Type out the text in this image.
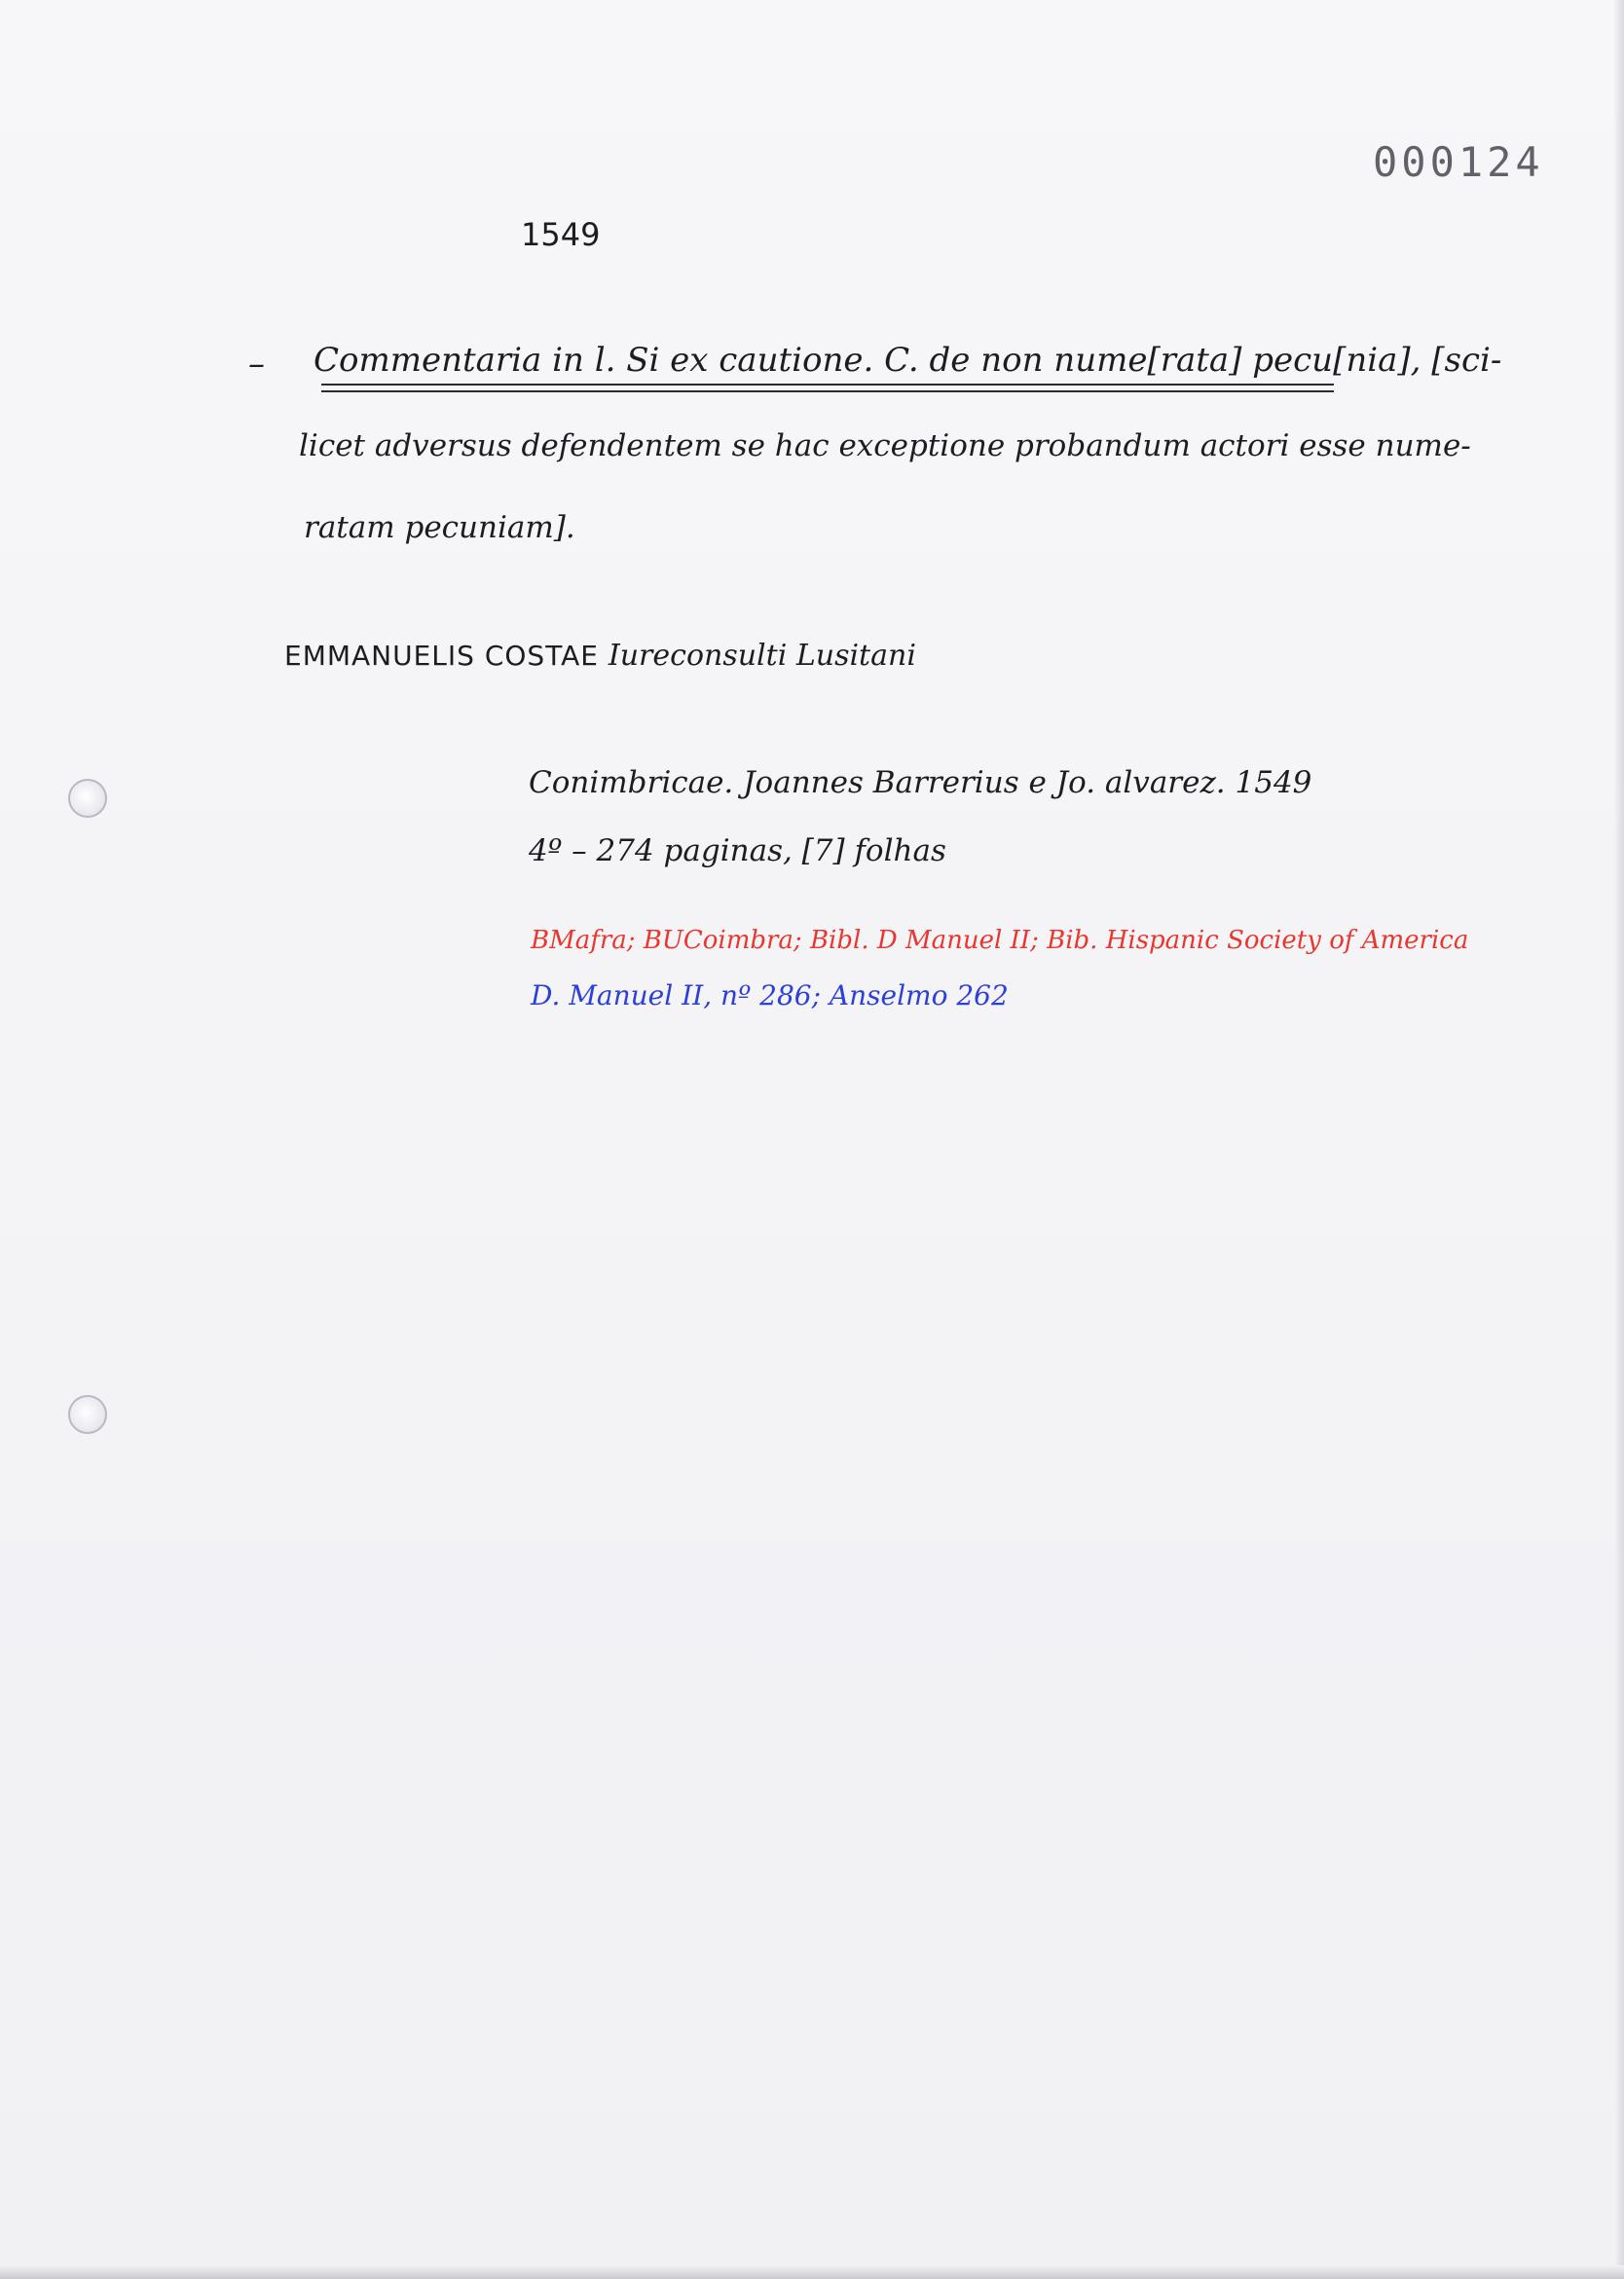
000124
1549
– Commentaria in l. Si ex cautione. C. de non nume[rata] pecu[nia], [sci-
licet adversus defendentem se hac exceptione probandum actori esse nume-
ratam pecuniam].
EMMANUELIS COSTAE Iureconsulti Lusitani
Conimbricae. Joannes Barrerius e Jo. alvarez. 1549
4º – 274 paginas, [7] folhas
BMafra; BUCoimbra; Bibl. D Manuel II; Bib. Hispanic Society of America
D. Manuel II, nº 286; Anselmo 262
